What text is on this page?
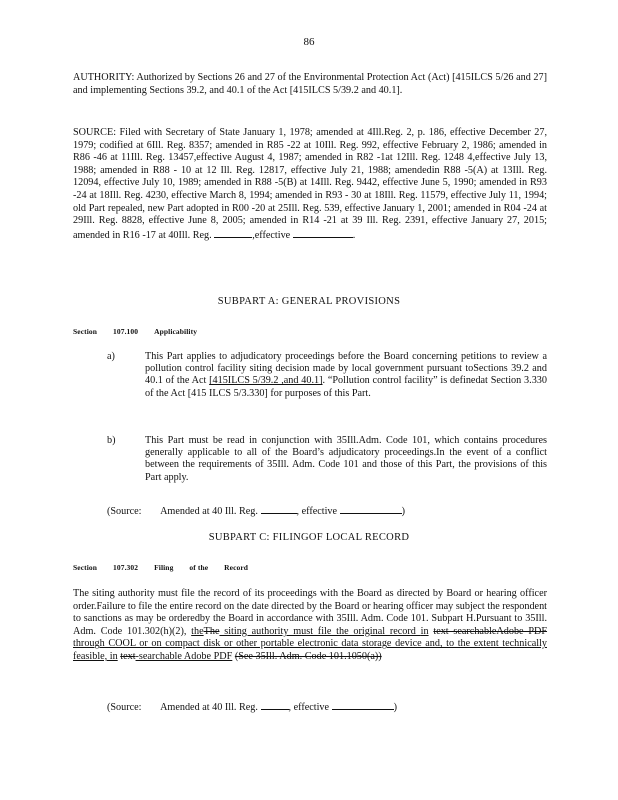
86

AUTHORITY: Authorized by Sections 26 and 27 of the Environmental Protection Act (Act) [415ILCS 5/26 and 27] and implementing Sections 39.2, and 40.1 of the Act [415ILCS 5/39.2 and 40.1].

SOURCE: Filed with Secretary of State January 1, 1978; amended at 4Ill.Reg. 2, p. 186, effective December 27, 1979; codified at 6Ill. Reg. 8357; amended in R85 -22 at 10Ill. Reg. 992, effective February 2, 1986; amended in R86 -46 at 11Ill. Reg. 13457,effective August 4, 1987; amended in R82 -1at 12Ill. Reg. 1248 4,effective July 13, 1988; amended in R88 - 10 at 12 Ill. Reg. 12817, effective July 21, 1988; amendedin R88 -5(A) at 13Ill. Reg. 12094, effective July 10, 1989; amended in R88 -5(B) at 14Ill. Reg. 9442, effective June 5, 1990; amended in R93 -24 at 18Ill. Reg. 4230, effective March 8, 1994; amended in R93 - 30 at 18Ill. Reg. 11579, effective July 11, 1994; old Part repealed, new Part adopted in R00 -20 at 25Ill. Reg. 539, effective January 1, 2001; amended in R04 -24 at 29Ill. Reg. 8828, effective June 8, 2005; amended in R14 -21 at 39 Ill. Reg. 2391, effective January 27, 2015; amended in R16 -17 at 40Ill. Reg.	,effective	.

SUBPART A: GENERAL PROVISIONS
Section 107.100 Applicability
a)	This Part applies to adjudicatory proceedings before the Board concerning petitions to review a pollution control facility siting decision made by local government pursuant toSections 39.2 and 40.1 of the Act [415ILCS 5/39.2 ,and 40.1]. “Pollution control facility” is definedat Section 3.330 of the Act [415 ILCS 5/3.330] for purposes of this Part.
b)	This Part must be read in conjunction with 35Ill.Adm. Code 101, which contains procedures generally applicable to all of the Board’s adjudicatory proceedings.In the event of a conflict between the requirements of 35Ill. Adm. Code 101 and those of this Part, the provisions of this Part apply.
(Source: Amended at 40 Ill. Reg.	, effective	)
SUBPART C: FILINGOF LOCAL RECORD
Section 107.302 Filing of the Record

The siting authority must file the record of its proceedings with the Board as directed by Board or hearing officer order.Failure to file the entire record on the date directed by the Board or hearing officer may subject the respondent to sanctions as may be orderedby the Board in accordance with 35Ill. Adm. Code 101. Subpart H.Pursuant to 35Ill. Adm. Code 101.302(h)(2), theThe siting authority must file the original record in text searchableAdobe PDF through COOL or on compact disk or other portable electronic data storage device and, to the extent technically feasible, in text-searchable Adobe PDF (See 35Ill. Adm. Code 101.1050(a))

(Source: Amended at 40 Ill. Reg.	, effective	)
